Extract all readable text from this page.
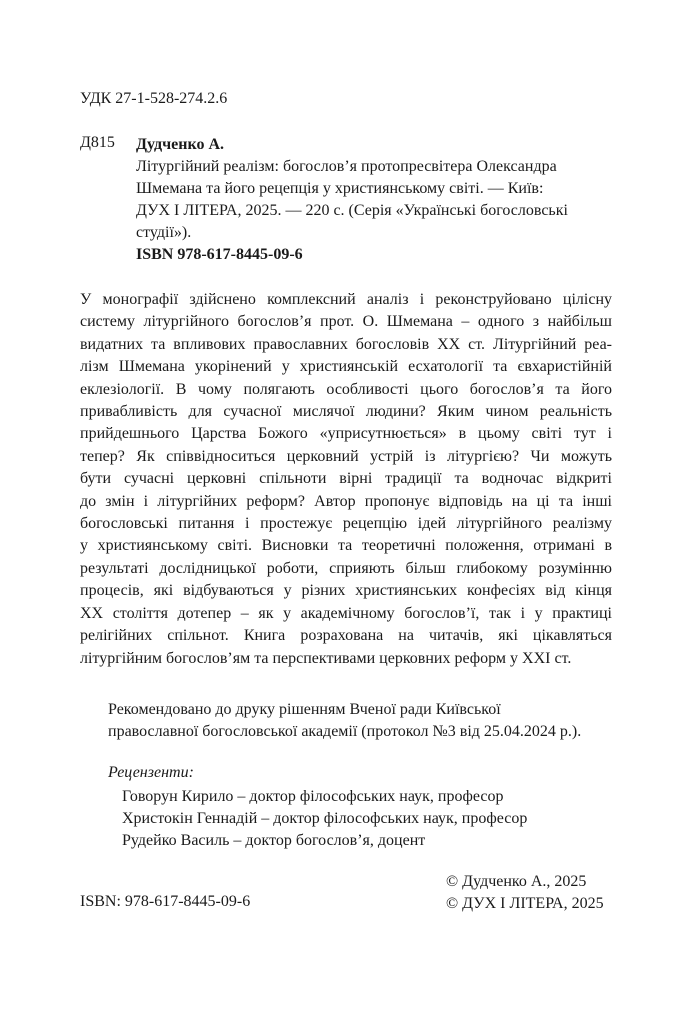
УДК 27-1-528-274.2.6

Д815 Дудченко А.
Літургійний реалізм: богослов’я протопресвітера Олександра
Шмемана та його рецепція у християнському світі. — Київ:
ДУХ І ЛІТЕРА, 2025. — 220 с. (Серія «Українські богословські
студії»).

ISBN 978-617-8445-09-6

У монографії здійснено комплексний аналіз і реконструйовано цілісну
систему літургійного богослов’я прот. О. Шмемана – одного з найбільш
видатних та впливових православних богословів XX ст. Літургійний реа-
лізм Шмемана укорінений у християнській есхатології та євхаристійній
еклезіології. В чому полягають особливості цього богослов’я та його
привабливість для сучасної мислячої людини? Яким чином реальність
прийдешнього Царства Божого «уприсутнюється» в цьому світі тут і
тепер? Як співвідноситься церковний устрій із літургією? Чи можуть
бути сучасні церковні спільноти вірні традиції та водночас відкриті
до змін і літургійних реформ? Автор пропонує відповідь на ці та інші
богословські питання і простежує рецепцію ідей літургійного реалізму
у християнському світі. Висновки та теоретичні положення, отримані в
результаті дослідницької роботи, сприяють більш глибокому розумінню
процесів, які відбуваються у різних християнських конфесіях від кінця
XX століття дотепер – як у академічному богослов’ї, так і у практиці
релігійних спільнот. Книга розрахована на читачів, які цікавляться
літургійним богослов’ям та перспективами церковних реформ у XXI ст.
Рекомендовано до друку рішенням Вченої ради Київської
православної богословської академії (протокол №3 від 25.04.2024 р.).

Рецензенти:

Говорун Кирило – доктор філософських наук, професор
Христокін Геннадій – доктор філософських наук, професор
Рудейко Василь – доктор богослов’я, доцент
© Дудченко А., 2025
© ДУХ І ЛІТЕРА, 2025

ISBN: 978-617-8445-09-6
